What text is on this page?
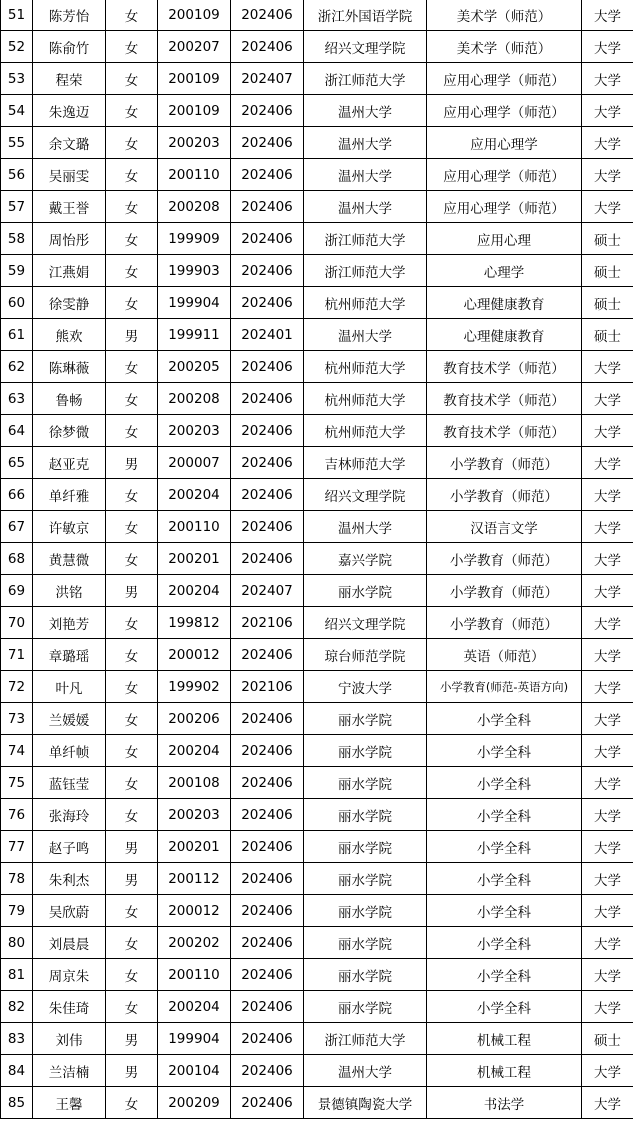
51	陈芳怡	女	200109	202406	浙江外国语学院	美术学（师范）	大学
52	陈俞竹	女	200207	202406	绍兴文理学院	美术学（师范）	大学
53	程荣	女	200109	202407	浙江师范大学	应用心理学（师范）	大学
54	朱逸迈	女	200109	202406	温州大学	应用心理学（师范）	大学
55	余文璐	女	200203	202406	温州大学	应用心理学	大学
56	吴丽雯	女	200110	202406	温州大学	应用心理学（师范）	大学
57	戴王誉	女	200208	202406	温州大学	应用心理学（师范）	大学
58	周怡彤	女	199909	202406	浙江师范大学	应用心理	硕士
59	江燕娟	女	199903	202406	浙江师范大学	心理学	硕士
60	徐雯静	女	199904	202406	杭州师范大学	心理健康教育	硕士
61	熊欢	男	199911	202401	温州大学	心理健康教育	硕士
62	陈琳薇	女	200205	202406	杭州师范大学	教育技术学（师范）	大学
63	鲁畅	女	200208	202406	杭州师范大学	教育技术学（师范）	大学
64	徐梦微	女	200203	202406	杭州师范大学	教育技术学（师范）	大学
65	赵亚克	男	200007	202406	吉林师范大学	小学教育（师范）	大学
66	单纤雅	女	200204	202406	绍兴文理学院	小学教育（师范）	大学
67	许敏京	女	200110	202406	温州大学	汉语言文学	大学
68	黄慧微	女	200201	202406	嘉兴学院	小学教育（师范）	大学
69	洪铭	男	200204	202407	丽水学院	小学教育（师范）	大学
70	刘艳芳	女	199812	202106	绍兴文理学院	小学教育（师范）	大学
71	章璐瑶	女	200012	202406	琼台师范学院	英语（师范）	大学
72	叶凡	女	199902	202106	宁波大学	小学教育(师范-英语方向)	大学
73	兰媛媛	女	200206	202406	丽水学院	小学全科	大学
74	单纤帧	女	200204	202406	丽水学院	小学全科	大学
75	蓝钰莹	女	200108	202406	丽水学院	小学全科	大学
76	张海玲	女	200203	202406	丽水学院	小学全科	大学
77	赵子鸣	男	200201	202406	丽水学院	小学全科	大学
78	朱利杰	男	200112	202406	丽水学院	小学全科	大学
79	吴欣蔚	女	200012	202406	丽水学院	小学全科	大学
80	刘晨晨	女	200202	202406	丽水学院	小学全科	大学
81	周京朱	女	200110	202406	丽水学院	小学全科	大学
82	朱佳琦	女	200204	202406	丽水学院	小学全科	大学
83	刘伟	男	199904	202406	浙江师范大学	机械工程	硕士
84	兰洁楠	男	200104	202406	温州大学	机械工程	大学
85	王馨	女	200209	202406	景德镇陶瓷大学	书法学	大学
